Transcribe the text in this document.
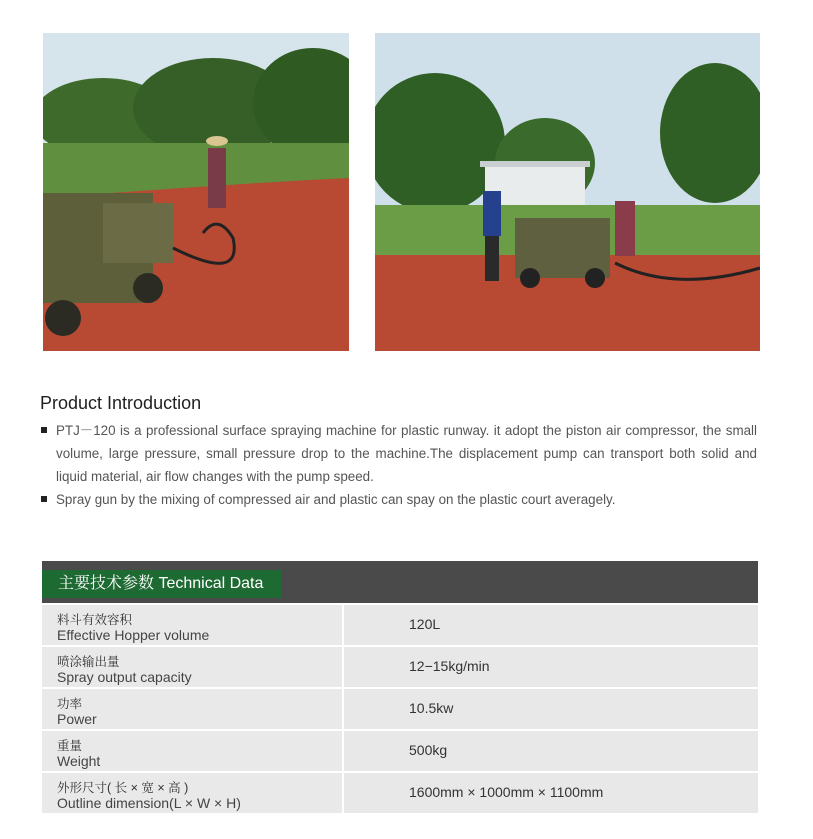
Product Introduction
PTJ－120 is a professional surface spraying machine for plastic runway. it adopt the piston air compressor, the small volume, large pressure, small pressure drop to the machine.The displacement pump can transport both solid and liquid material, air flow changes with the pump speed.
Spray gun by the mixing of compressed air and plastic can spay on the plastic court averagely.
主要技术参数 Technical Data
料斗有效容积
Effective Hopper volume
120L
喷涂输出量
Spray output capacity
12−15kg/min
功率
Power
10.5kw
重量
Weight
500kg
外形尺寸( 长 × 宽 × 高 )
Outline dimension(L × W × H)
1600mm × 1000mm × 1100mm
